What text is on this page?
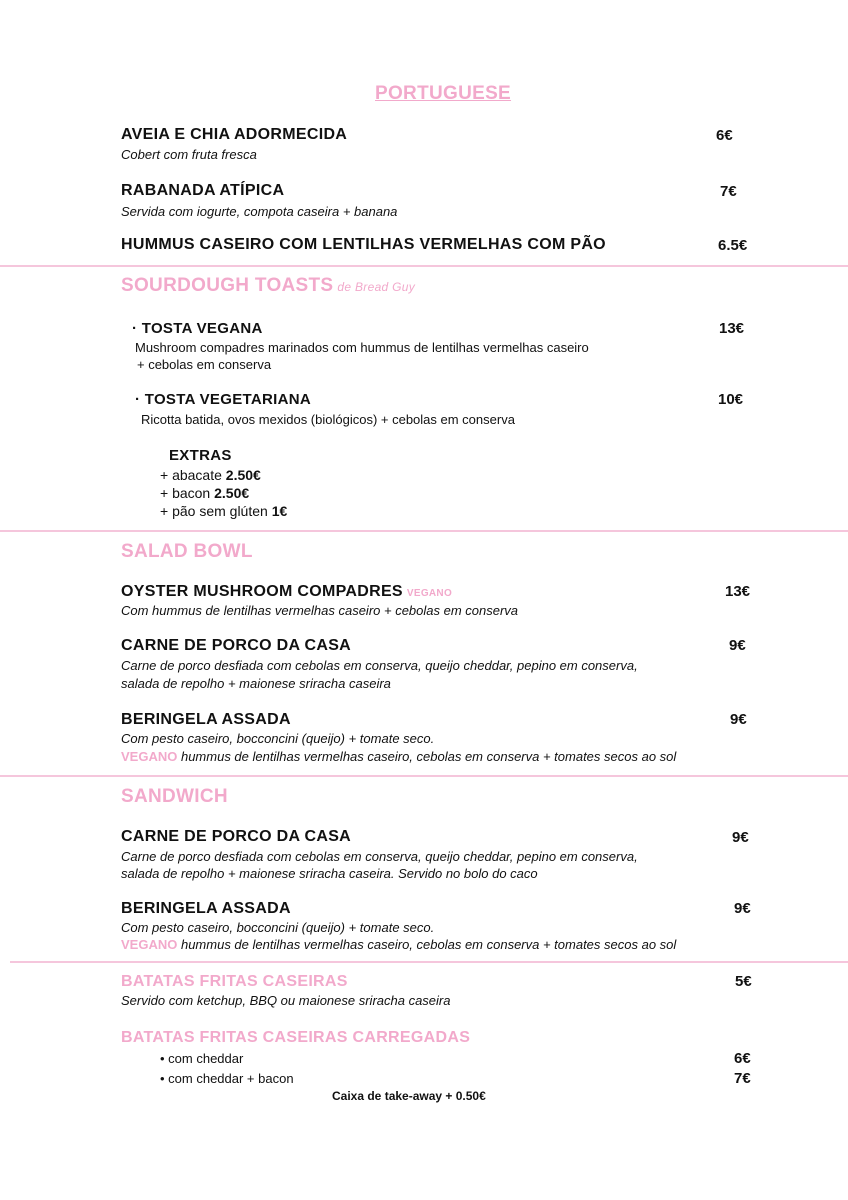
PORTUGUESE
AVEIA E CHIA ADORMECIDA	6€
Cobert com fruta fresca
RABANADA ATÍPICA	7€
Servida com iogurte, compota caseira + banana
HUMMUS CASEIRO COM LENTILHAS VERMELHAS COM PÃO	6.5€
SOURDOUGH TOASTS de Bread Guy
· TOSTA VEGANA	13€
Mushroom compadres marinados com hummus de lentilhas vermelhas caseiro
+ cebolas em conserva
· TOSTA VEGETARIANA	10€
Ricotta batida, ovos mexidos (biológicos) + cebolas em conserva
EXTRAS
+ abacate 2.50€
+ bacon 2.50€
+ pão sem glúten 1€
SALAD BOWL
OYSTER MUSHROOM COMPADRES VEGANO	13€
Com hummus de lentilhas vermelhas caseiro + cebolas em conserva
CARNE DE PORCO DA CASA	9€
Carne de porco desfiada com cebolas em conserva, queijo cheddar, pepino em conserva,
salada de repolho + maionese sriracha caseira
BERINGELA ASSADA	9€
Com pesto caseiro, bocconcini (queijo) + tomate seco.
VEGANO hummus de lentilhas vermelhas caseiro, cebolas em conserva + tomates secos ao sol
SANDWICH
CARNE DE PORCO DA CASA	9€
Carne de porco desfiada com cebolas em conserva, queijo cheddar, pepino em conserva,
salada de repolho + maionese sriracha caseira. Servido no bolo do caco
BERINGELA ASSADA	9€
Com pesto caseiro, bocconcini (queijo) + tomate seco.
VEGANO hummus de lentilhas vermelhas caseiro, cebolas em conserva + tomates secos ao sol
BATATAS FRITAS CASEIRAS	5€
Servido com ketchup, BBQ ou maionese sriracha caseira
BATATAS FRITAS CASEIRAS CARREGADAS
• com cheddar	6€
• com cheddar + bacon	7€
Caixa de take-away + 0.50€
